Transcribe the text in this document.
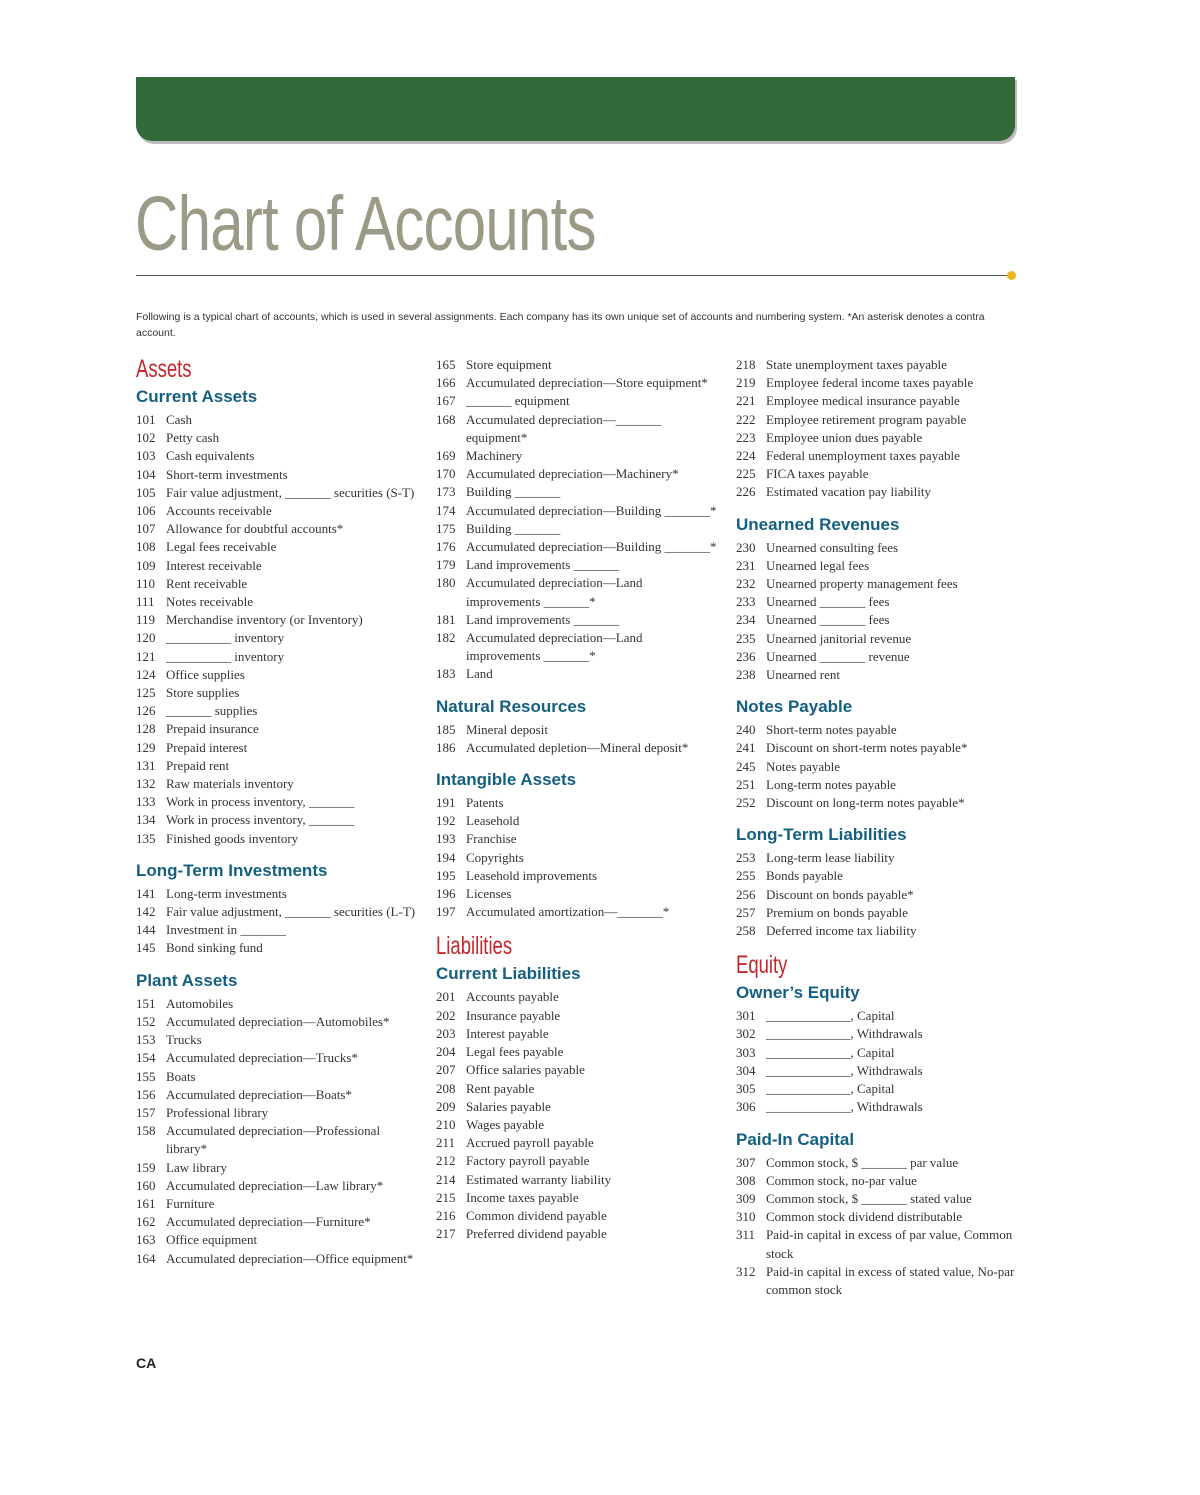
Chart of Accounts

Following is a typical chart of accounts, which is used in several assignments. Each company has its own unique set of accounts and numbering system. *An asterisk denotes a contra account.

Assets
Current Assets
101 Cash
102 Petty cash
103 Cash equivalents
104 Short-term investments
105 Fair value adjustment, _______ securities (S-T)
106 Accounts receivable
107 Allowance for doubtful accounts*
108 Legal fees receivable
109 Interest receivable
110 Rent receivable
111 Notes receivable
119 Merchandise inventory (or Inventory)
120 __________ inventory
121 __________ inventory
124 Office supplies
125 Store supplies
126 _______ supplies
128 Prepaid insurance
129 Prepaid interest
131 Prepaid rent
132 Raw materials inventory
133 Work in process inventory, _______
134 Work in process inventory, _______
135 Finished goods inventory
Long-Term Investments
141 Long-term investments
142 Fair value adjustment, _______ securities (L-T)
144 Investment in _______
145 Bond sinking fund
Plant Assets
151 Automobiles
152 Accumulated depreciation—Automobiles*
153 Trucks
154 Accumulated depreciation—Trucks*
155 Boats
156 Accumulated depreciation—Boats*
157 Professional library
158 Accumulated depreciation—Professional library*
159 Law library
160 Accumulated depreciation—Law library*
161 Furniture
162 Accumulated depreciation—Furniture*
163 Office equipment
164 Accumulated depreciation—Office equipment*
165 Store equipment
166 Accumulated depreciation—Store equipment*
167 _______ equipment
168 Accumulated depreciation—_______ equipment*
169 Machinery
170 Accumulated depreciation—Machinery*
173 Building _______
174 Accumulated depreciation—Building _______*
175 Building _______
176 Accumulated depreciation—Building _______*
179 Land improvements _______
180 Accumulated depreciation—Land improvements _______*
181 Land improvements _______
182 Accumulated depreciation—Land improvements _______*
183 Land
Natural Resources
185 Mineral deposit
186 Accumulated depletion—Mineral deposit*
Intangible Assets
191 Patents
192 Leasehold
193 Franchise
194 Copyrights
195 Leasehold improvements
196 Licenses
197 Accumulated amortization—_______*
Liabilities
Current Liabilities
201 Accounts payable
202 Insurance payable
203 Interest payable
204 Legal fees payable
207 Office salaries payable
208 Rent payable
209 Salaries payable
210 Wages payable
211 Accrued payroll payable
212 Factory payroll payable
214 Estimated warranty liability
215 Income taxes payable
216 Common dividend payable
217 Preferred dividend payable
218 State unemployment taxes payable
219 Employee federal income taxes payable
221 Employee medical insurance payable
222 Employee retirement program payable
223 Employee union dues payable
224 Federal unemployment taxes payable
225 FICA taxes payable
226 Estimated vacation pay liability
Unearned Revenues
230 Unearned consulting fees
231 Unearned legal fees
232 Unearned property management fees
233 Unearned _______ fees
234 Unearned _______ fees
235 Unearned janitorial revenue
236 Unearned _______ revenue
238 Unearned rent
Notes Payable
240 Short-term notes payable
241 Discount on short-term notes payable*
245 Notes payable
251 Long-term notes payable
252 Discount on long-term notes payable*
Long-Term Liabilities
253 Long-term lease liability
255 Bonds payable
256 Discount on bonds payable*
257 Premium on bonds payable
258 Deferred income tax liability
Equity
Owner’s Equity
301 _____________, Capital
302 _____________, Withdrawals
303 _____________, Capital
304 _____________, Withdrawals
305 _____________, Capital
306 _____________, Withdrawals
Paid-In Capital
307 Common stock, $ _______ par value
308 Common stock, no-par value
309 Common stock, $ _______ stated value
310 Common stock dividend distributable
311 Paid-in capital in excess of par value, Common stock
312 Paid-in capital in excess of stated value, No-par common stock
CA
